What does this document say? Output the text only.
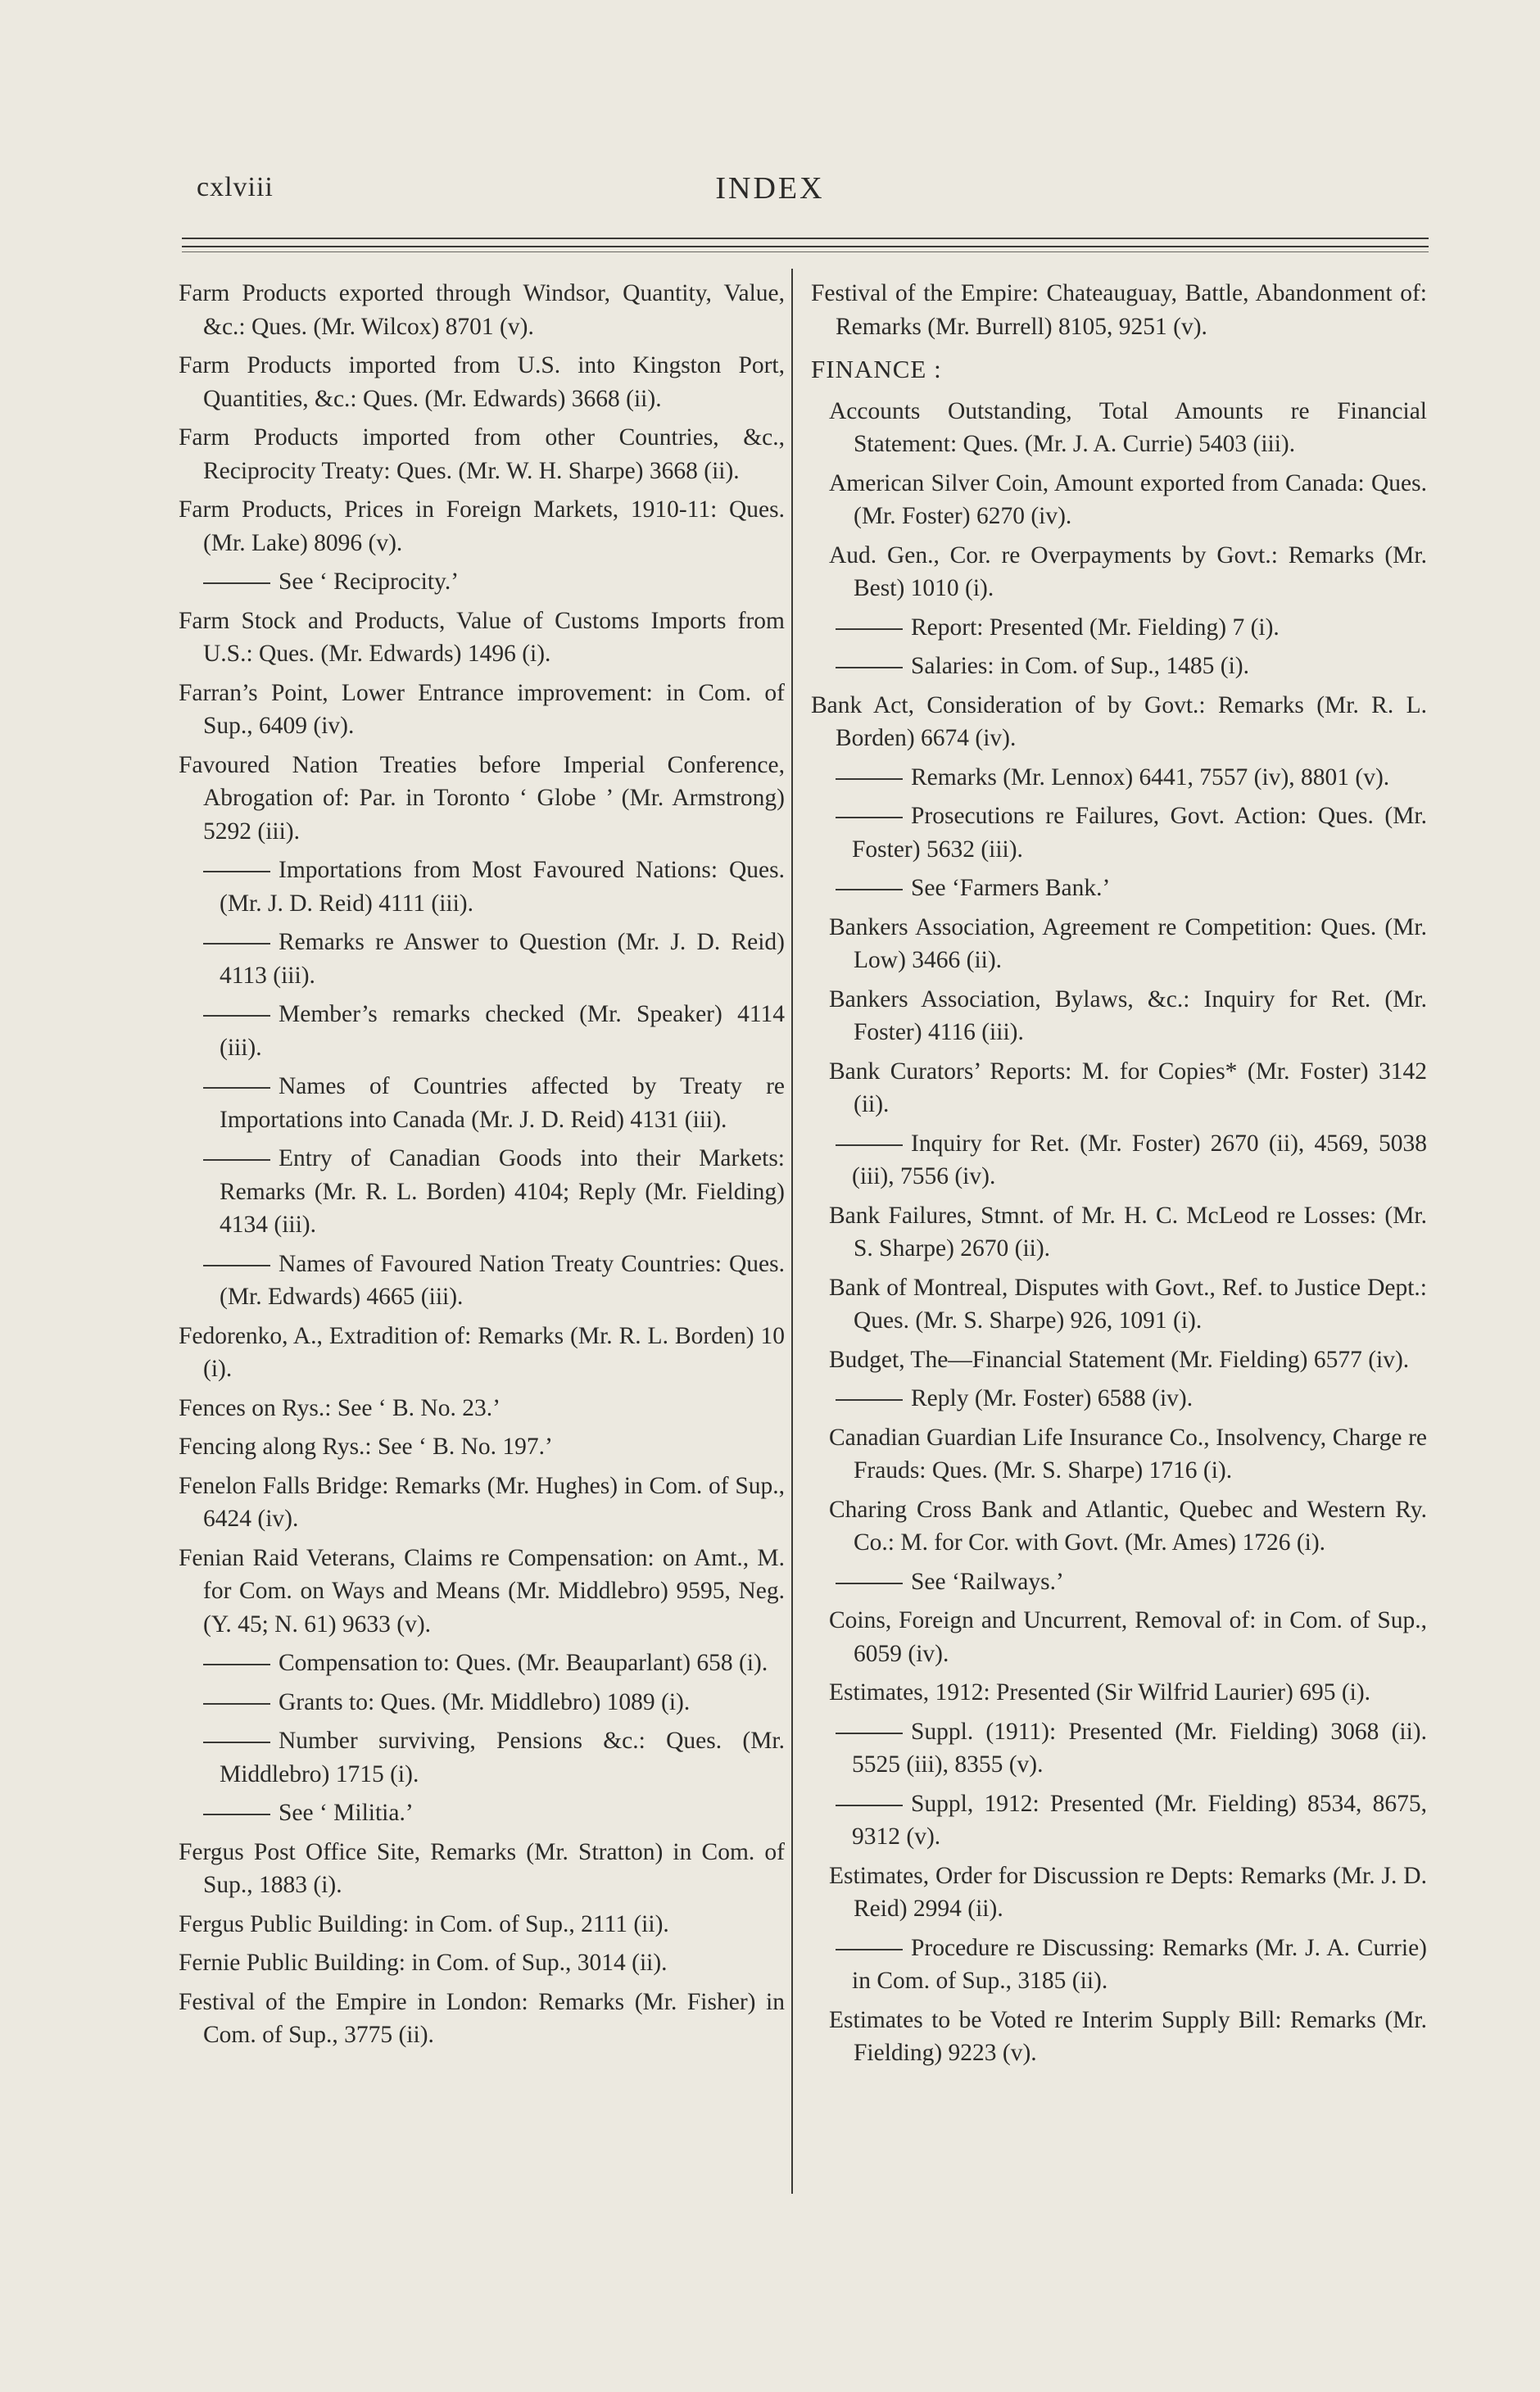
cxlviii	INDEX
Farm Products exported through Windsor, Quantity, Value, &c.: Ques. (Mr. Wilcox) 8701 (v).
Farm Products imported from U.S. into Kingston Port, Quantities, &c.: Ques. (Mr. Edwards) 3668 (ii).
Farm Products imported from other Countries, &c., Reciprocity Treaty: Ques. (Mr. W. H. Sharpe) 3668 (ii).
Farm Products, Prices in Foreign Markets, 1910-11: Ques. (Mr. Lake) 8096 (v).
See ‘ Reciprocity.’
Farm Stock and Products, Value of Customs Imports from U.S.: Ques. (Mr. Edwards) 1496 (i).
Farran’s Point, Lower Entrance improvement: in Com. of Sup., 6409 (iv).
Favoured Nation Treaties before Imperial Conference, Abrogation of: Par. in Toronto ‘ Globe ’ (Mr. Armstrong) 5292 (iii).
Importations from Most Favoured Nations: Ques. (Mr. J. D. Reid) 4111 (iii).
Remarks re Answer to Question (Mr. J. D. Reid) 4113 (iii).
Member’s remarks checked (Mr. Speaker) 4114 (iii).
Names of Countries affected by Treaty re Importations into Canada (Mr. J. D. Reid) 4131 (iii).
Entry of Canadian Goods into their Markets: Remarks (Mr. R. L. Borden) 4104; Reply (Mr. Fielding) 4134 (iii).
Names of Favoured Nation Treaty Countries: Ques. (Mr. Edwards) 4665 (iii).
Fedorenko, A., Extradition of: Remarks (Mr. R. L. Borden) 10 (i).
Fences on Rys.: See ‘ B. No. 23.’
Fencing along Rys.: See ‘ B. No. 197.’
Fenelon Falls Bridge: Remarks (Mr. Hughes) in Com. of Sup., 6424 (iv).
Fenian Raid Veterans, Claims re Compensation: on Amt., M. for Com. on Ways and Means (Mr. Middlebro) 9595, Neg. (Y. 45; N. 61) 9633 (v).
Compensation to: Ques. (Mr. Beauparlant) 658 (i).
Grants to: Ques. (Mr. Middlebro) 1089 (i).
Number surviving, Pensions &c.: Ques. (Mr. Middlebro) 1715 (i).
See ‘ Militia.’
Fergus Post Office Site, Remarks (Mr. Stratton) in Com. of Sup., 1883 (i).
Fergus Public Building: in Com. of Sup., 2111 (ii).
Fernie Public Building: in Com. of Sup., 3014 (ii).
Festival of the Empire in London: Remarks (Mr. Fisher) in Com. of Sup., 3775 (ii).
Festival of the Empire: Chateauguay, Battle, Abandonment of: Remarks (Mr. Burrell) 8105, 9251 (v).
FINANCE :
Accounts Outstanding, Total Amounts re Financial Statement: Ques. (Mr. J. A. Currie) 5403 (iii).
American Silver Coin, Amount exported from Canada: Ques. (Mr. Foster) 6270 (iv).
Aud. Gen., Cor. re Overpayments by Govt.: Remarks (Mr. Best) 1010 (i).
Report: Presented (Mr. Fielding) 7 (i).
Salaries: in Com. of Sup., 1485 (i).
Bank Act, Consideration of by Govt.: Remarks (Mr. R. L. Borden) 6674 (iv).
Remarks (Mr. Lennox) 6441, 7557 (iv), 8801 (v).
Prosecutions re Failures, Govt. Action: Ques. (Mr. Foster) 5632 (iii).
See ‘Farmers Bank.’
Bankers Association, Agreement re Competition: Ques. (Mr. Low) 3466 (ii).
Bankers Association, Bylaws, &c.: Inquiry for Ret. (Mr. Foster) 4116 (iii).
Bank Curators’ Reports: M. for Copies* (Mr. Foster) 3142 (ii).
Inquiry for Ret. (Mr. Foster) 2670 (ii), 4569, 5038 (iii), 7556 (iv).
Bank Failures, Stmnt. of Mr. H. C. McLeod re Losses: (Mr. S. Sharpe) 2670 (ii).
Bank of Montreal, Disputes with Govt., Ref. to Justice Dept.: Ques. (Mr. S. Sharpe) 926, 1091 (i).
Budget, The—Financial Statement (Mr. Fielding) 6577 (iv).
Reply (Mr. Foster) 6588 (iv).
Canadian Guardian Life Insurance Co., Insolvency, Charge re Frauds: Ques. (Mr. S. Sharpe) 1716 (i).
Charing Cross Bank and Atlantic, Quebec and Western Ry. Co.: M. for Cor. with Govt. (Mr. Ames) 1726 (i).
See ‘Railways.’
Coins, Foreign and Uncurrent, Removal of: in Com. of Sup., 6059 (iv).
Estimates, 1912: Presented (Sir Wilfrid Laurier) 695 (i).
Suppl. (1911): Presented (Mr. Fielding) 3068 (ii). 5525 (iii), 8355 (v).
Suppl, 1912: Presented (Mr. Fielding) 8534, 8675, 9312 (v).
Estimates, Order for Discussion re Depts: Remarks (Mr. J. D. Reid) 2994 (ii).
Procedure re Discussing: Remarks (Mr. J. A. Currie) in Com. of Sup., 3185 (ii).
Estimates to be Voted re Interim Supply Bill: Remarks (Mr. Fielding) 9223 (v).
